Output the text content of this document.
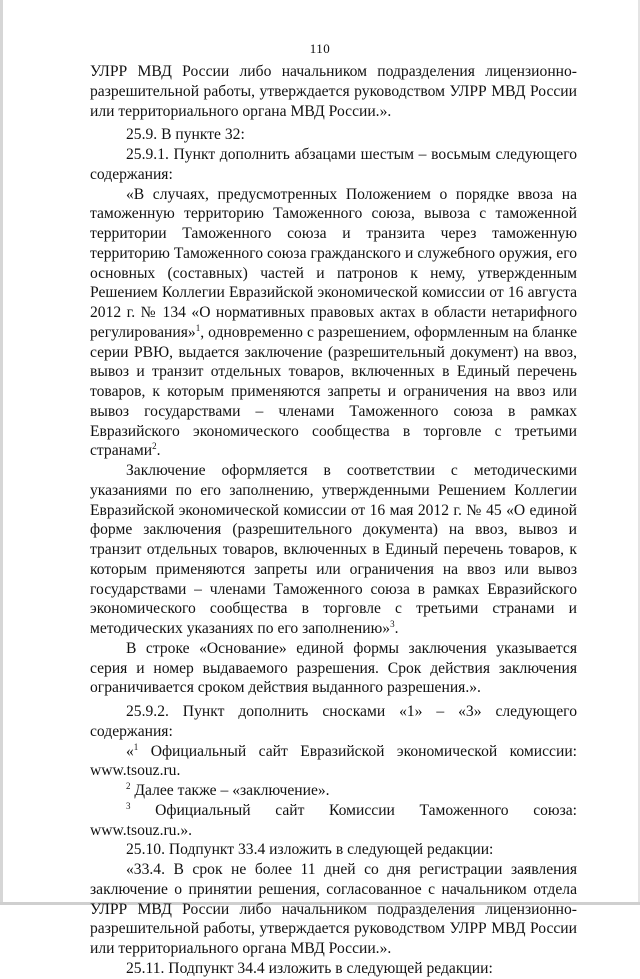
110

УЛРР МВД России либо начальником подразделения лицензионно-разрешительной работы, утверждается руководством УЛРР МВД России или территориального органа МВД России.».

25.9. В пункте 32:

25.9.1. Пункт дополнить абзацами шестым – восьмым следующего содержания:

«В случаях, предусмотренных Положением о порядке ввоза на таможенную территорию Таможенного союза, вывоза с таможенной территории Таможенного союза и транзита через таможенную территорию Таможенного союза гражданского и служебного оружия, его основных (составных) частей и патронов к нему, утвержденным Решением Коллегии Евразийской экономической комиссии от 16 августа 2012 г. № 134 «О нормативных правовых актах в области нетарифного регулирования»$^1$, одновременно с разрешением, оформленным на бланке серии РВЮ, выдается заключение (разрешительный документ) на ввоз, вывоз и транзит отдельных товаров, включенных в Единый перечень товаров, к которым применяются запреты и ограничения на ввоз или вывоз государствами – членами Таможенного союза в рамках Евразийского экономического сообщества в торговле с третьими странами$^2$.

Заключение оформляется в соответствии с методическими указаниями по его заполнению, утвержденными Решением Коллегии Евразийской экономической комиссии от 16 мая 2012 г. № 45 «О единой форме заключения (разрешительного документа) на ввоз, вывоз и транзит отдельных товаров, включенных в Единый перечень товаров, к которым применяются запреты или ограничения на ввоз или вывоз государствами – членами Таможенного союза в рамках Евразийского экономического сообщества в торговле с третьими странами и методических указаниях по его заполнению»$^3$.

В строке «Основание» единой формы заключения указывается серия и номер выдаваемого разрешения. Срок действия заключения ограничивается сроком действия выданного разрешения.».

25.9.2. Пункт дополнить сносками «1» – «3» следующего содержания:

«$^1$ Официальный сайт Евразийской экономической комиссии: www.tsouz.ru.

$^2$ Далее также – «заключение».

$^3$ Официальный сайт Комиссии Таможенного союза: www.tsouz.ru.».

25.10. Подпункт 33.4 изложить в следующей редакции:

«33.4. В срок не более 11 дней со дня регистрации заявления заключение о принятии решения, согласованное с начальником отдела УЛРР МВД России либо начальником подразделения лицензионно-разрешительной работы, утверждается руководством УЛРР МВД России или территориального органа МВД России.».

25.11. Подпункт 34.4 изложить в следующей редакции:
